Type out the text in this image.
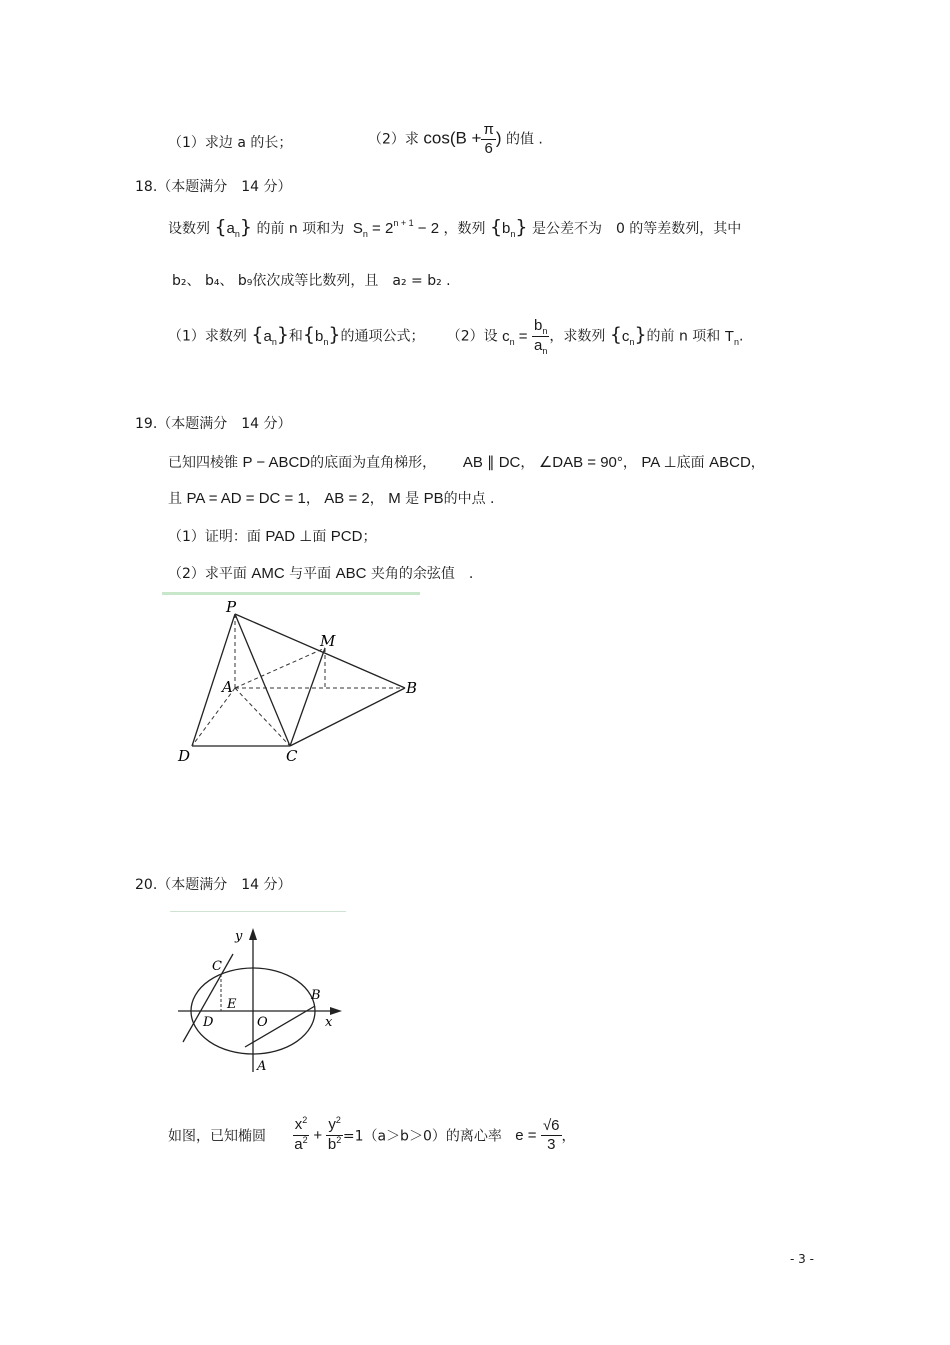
（1）求边 a 的长；	（2）求 $\cos(B + \frac{\pi}{6}$ ) 的值 .
18.（本题满分　14 分）
设数列 $\{a_n\}$ 的前 n 项和为  $S_n = 2^{n + 1} - 2$ ，数列 $\{b_n\}$ 是公差不为　0 的等差数列，其中
b₂、 b₄、 b₉依次成等比数列，且　a₂ = b₂ .
（1）求数列 $\{a_n\}$和$\{b_n\}$的通项公式； （2）设 $c_n = \frac{b_n}{a_n}$ ，求数列 $\{c_n\}$的前 n 项和 $T_n$.
19.（本题满分　14 分）
已知四棱锥 P − ABCD的底面为直角梯形， AB ∥ DC， ∠DAB = 90°， PA ⊥底面 ABCD，
且 PA = AD = DC = 1， AB = 2， M 是 PB的中点 .
（1）证明：面 PAD ⊥面 PCD；
（2）求平面 AMC 与平面 ABC 夹角的余弦值　.
P
M
A	B
D	C
20.（本题满分　14 分）
y
C
B
E
D	O	x
A
如图，已知椭圆 $\frac{x^2}{a^2} + \frac{y^2}{b^2} =1(a>b>0)$的离心率 $e = \frac{√6}{3}$ ，
- 3 -
